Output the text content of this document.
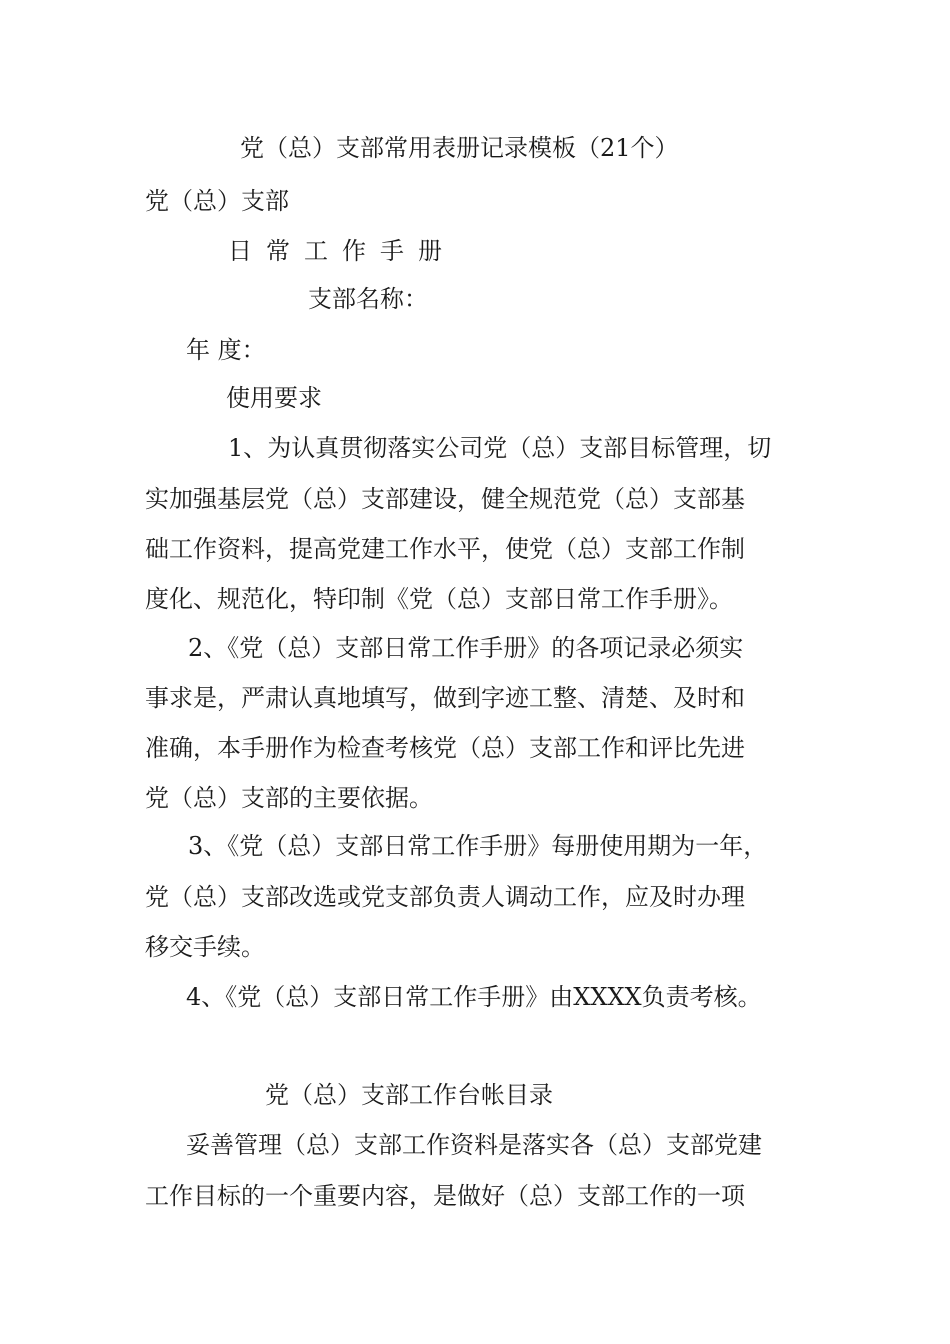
党（总）支部常用表册记录模板（21个）

党（总）支部

日常工作手册

支部名称：

年 度：

使用要求

1、为认真贯彻落实公司党（总）支部目标管理，切

实加强基层党（总）支部建设，健全规范党（总）支部基

础工作资料，提高党建工作水平，使党（总）支部工作制

度化、规范化，特印制《党（总）支部日常工作手册》。

2、《党（总）支部日常工作手册》的各项记录必须实

事求是，严肃认真地填写，做到字迹工整、清楚、及时和

准确，本手册作为检查考核党（总）支部工作和评比先进

党（总）支部的主要依据。

3、《党（总）支部日常工作手册》每册使用期为一年，

党（总）支部改选或党支部负责人调动工作，应及时办理

移交手续。

4、《党（总）支部日常工作手册》由XXXX负责考核。

党（总）支部工作台帐目录

妥善管理（总）支部工作资料是落实各（总）支部党建

工作目标的一个重要内容，是做好（总）支部工作的一项
